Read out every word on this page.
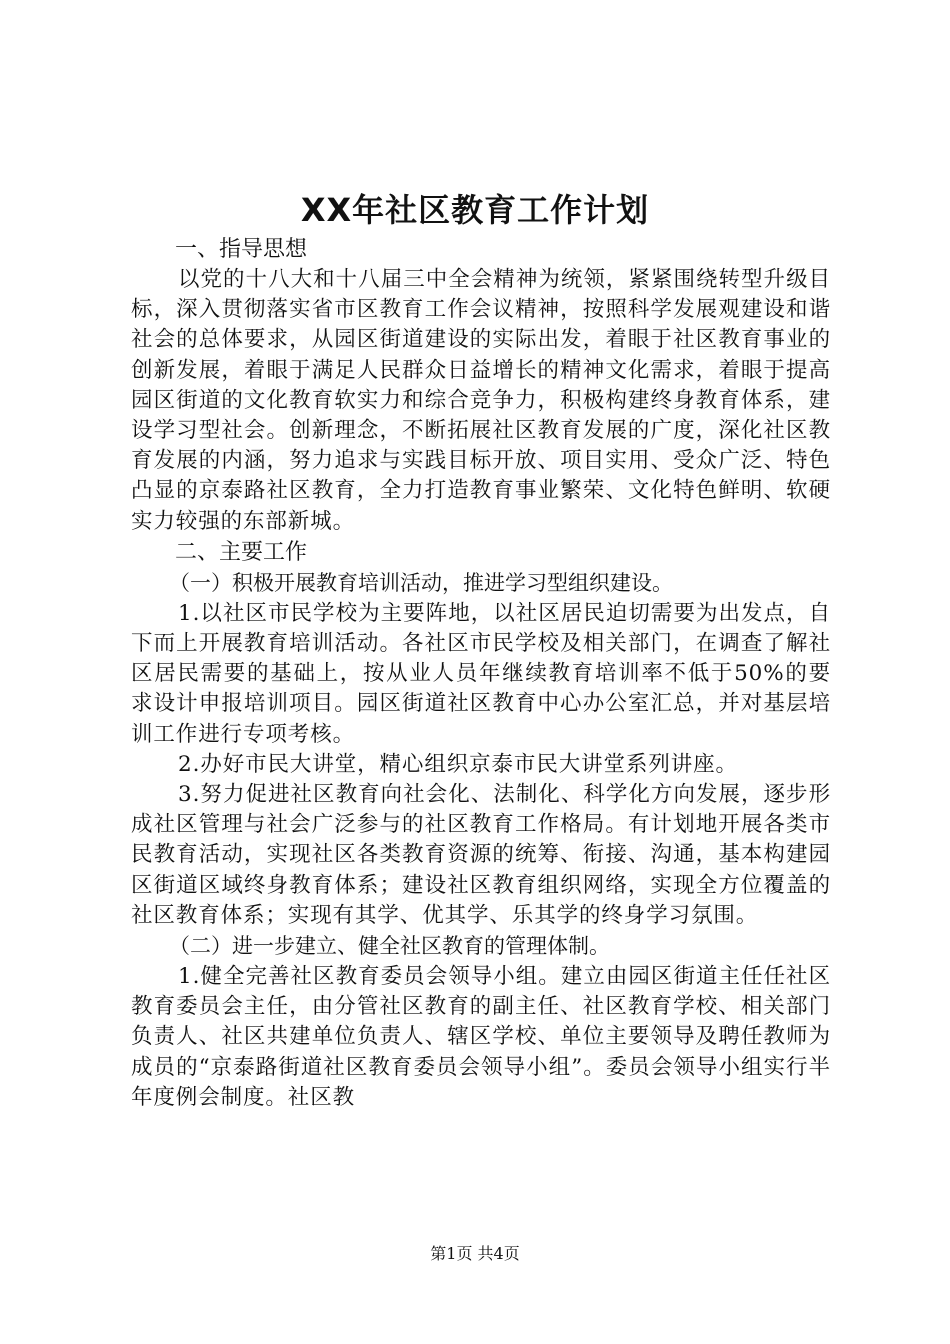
XX年社区教育工作计划
一、指导思想

以党的十八大和十八届三中全会精神为统领，紧紧围绕转型升级目标，深入贯彻落实省市区教育工作会议精神，按照科学发展观建设和谐社会的总体要求，从园区街道建设的实际出发，着眼于社区教育事业的创新发展，着眼于满足人民群众日益增长的精神文化需求，着眼于提高园区街道的文化教育软实力和综合竞争力，积极构建终身教育体系，建设学习型社会。创新理念，不断拓展社区教育发展的广度，深化社区教育发展的内涵，努力追求与实践目标开放、项目实用、受众广泛、特色凸显的京泰路社区教育，全力打造教育事业繁荣、文化特色鲜明、软硬实力较强的东部新城。

二、主要工作
（一）积极开展教育培训活动，推进学习型组织建设。

1.以社区市民学校为主要阵地，以社区居民迫切需要为出发点，自下而上开展教育培训活动。各社区市民学校及相关部门，在调查了解社区居民需要的基础上，按从业人员年继续教育培训率不低于50%的要求设计申报培训项目。园区街道社区教育中心办公室汇总，并对基层培训工作进行专项考核。

2.办好市民大讲堂，精心组织京泰市民大讲堂系列讲座。

3.努力促进社区教育向社会化、法制化、科学化方向发展，逐步形成社区管理与社会广泛参与的社区教育工作格局。有计划地开展各类市民教育活动，实现社区各类教育资源的统筹、衔接、沟通，基本构建园区街道区域终身教育体系；建设社区教育组织网络，实现全方位覆盖的社区教育体系；实现有其学、优其学、乐其学的终身学习氛围。

（二）进一步建立、健全社区教育的管理体制。

1.健全完善社区教育委员会领导小组。建立由园区街道主任任社区教育委员会主任，由分管社区教育的副主任、社区教育学校、相关部门负责人、社区共建单位负责人、辖区学校、单位主要领导及聘任教师为成员的“京泰路街道社区教育委员会领导小组”。委员会领导小组实行半年度例会制度。社区教

第1页 共4页
